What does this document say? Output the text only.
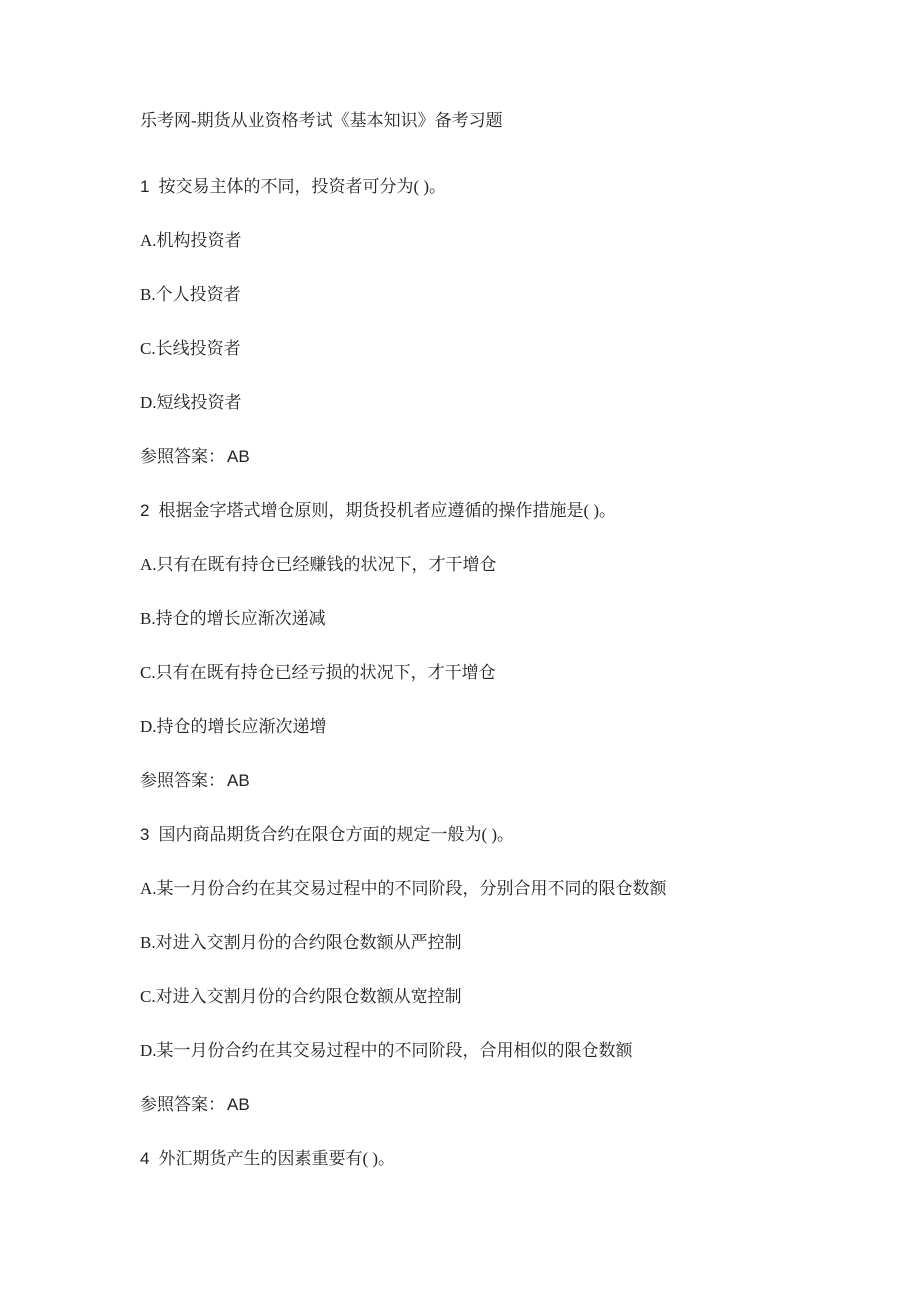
乐考网-期货从业资格考试《基本知识》备考习题

1 按交易主体的不同，投资者可分为( )。

A.机构投资者

B.个人投资者

C.长线投资者

D.短线投资者

参照答案： AB

2 根据金字塔式增仓原则，期货投机者应遵循的操作措施是( )。

A.只有在既有持仓已经赚钱的状况下，才干增仓

B.持仓的增长应渐次递减

C.只有在既有持仓已经亏损的状况下，才干增仓

D.持仓的增长应渐次递增

参照答案： AB

3 国内商品期货合约在限仓方面的规定一般为( )。

A.某一月份合约在其交易过程中的不同阶段，分别合用不同的限仓数额

B.对进入交割月份的合约限仓数额从严控制

C.对进入交割月份的合约限仓数额从宽控制

D.某一月份合约在其交易过程中的不同阶段，合用相似的限仓数额

参照答案： AB

4 外汇期货产生的因素重要有( )。
